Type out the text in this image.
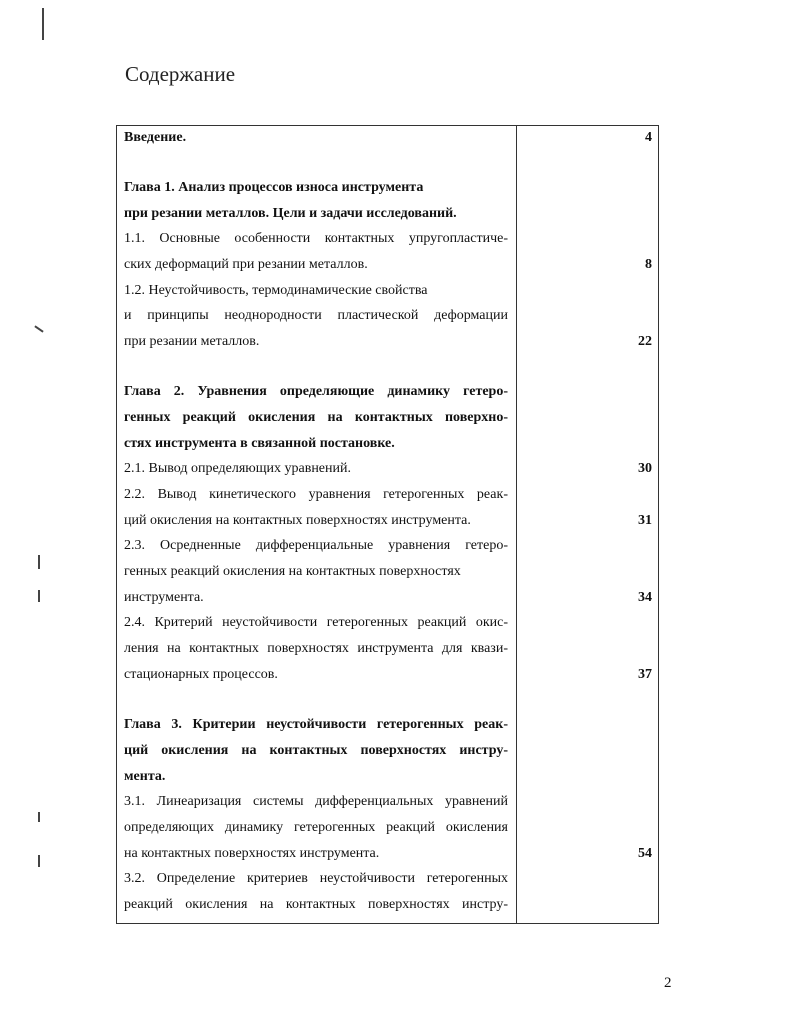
Содержание
Введение.
Глава 1. Анализ процессов износа инструмента
при резании металлов. Цели и задачи исследований.
1.1. Основные особенности контактных упругопластиче-
ских деформаций при резании металлов.
1.2. Неустойчивость, термодинамические свойства
и принципы неоднородности пластической деформации
при резании металлов.
Глава 2. Уравнения определяющие динамику гетеро-
генных реакций окисления на контактных поверхно-
стях инструмента в связанной постановке.
2.1. Вывод определяющих уравнений.
2.2. Вывод кинетического уравнения гетерогенных реак-
ций окисления на контактных поверхностях инструмента.
2.3. Осредненные дифференциальные уравнения гетеро-
генных реакций окисления на контактных поверхностях
инструмента.
2.4. Критерий неустойчивости гетерогенных реакций окис-
ления на контактных поверхностях инструмента для квази-
стационарных процессов.
Глава 3. Критерии неустойчивости гетерогенных реак-
ций окисления на контактных поверхностях инстру-
мента.
3.1. Линеаризация системы дифференциальных уравнений
определяющих динамику гетерогенных реакций окисления
на контактных поверхностях инструмента.
3.2. Определение критериев неустойчивости гетерогенных
реакций окисления на контактных поверхностях инстру-
4
8
22
30
31
34
37
54
2
